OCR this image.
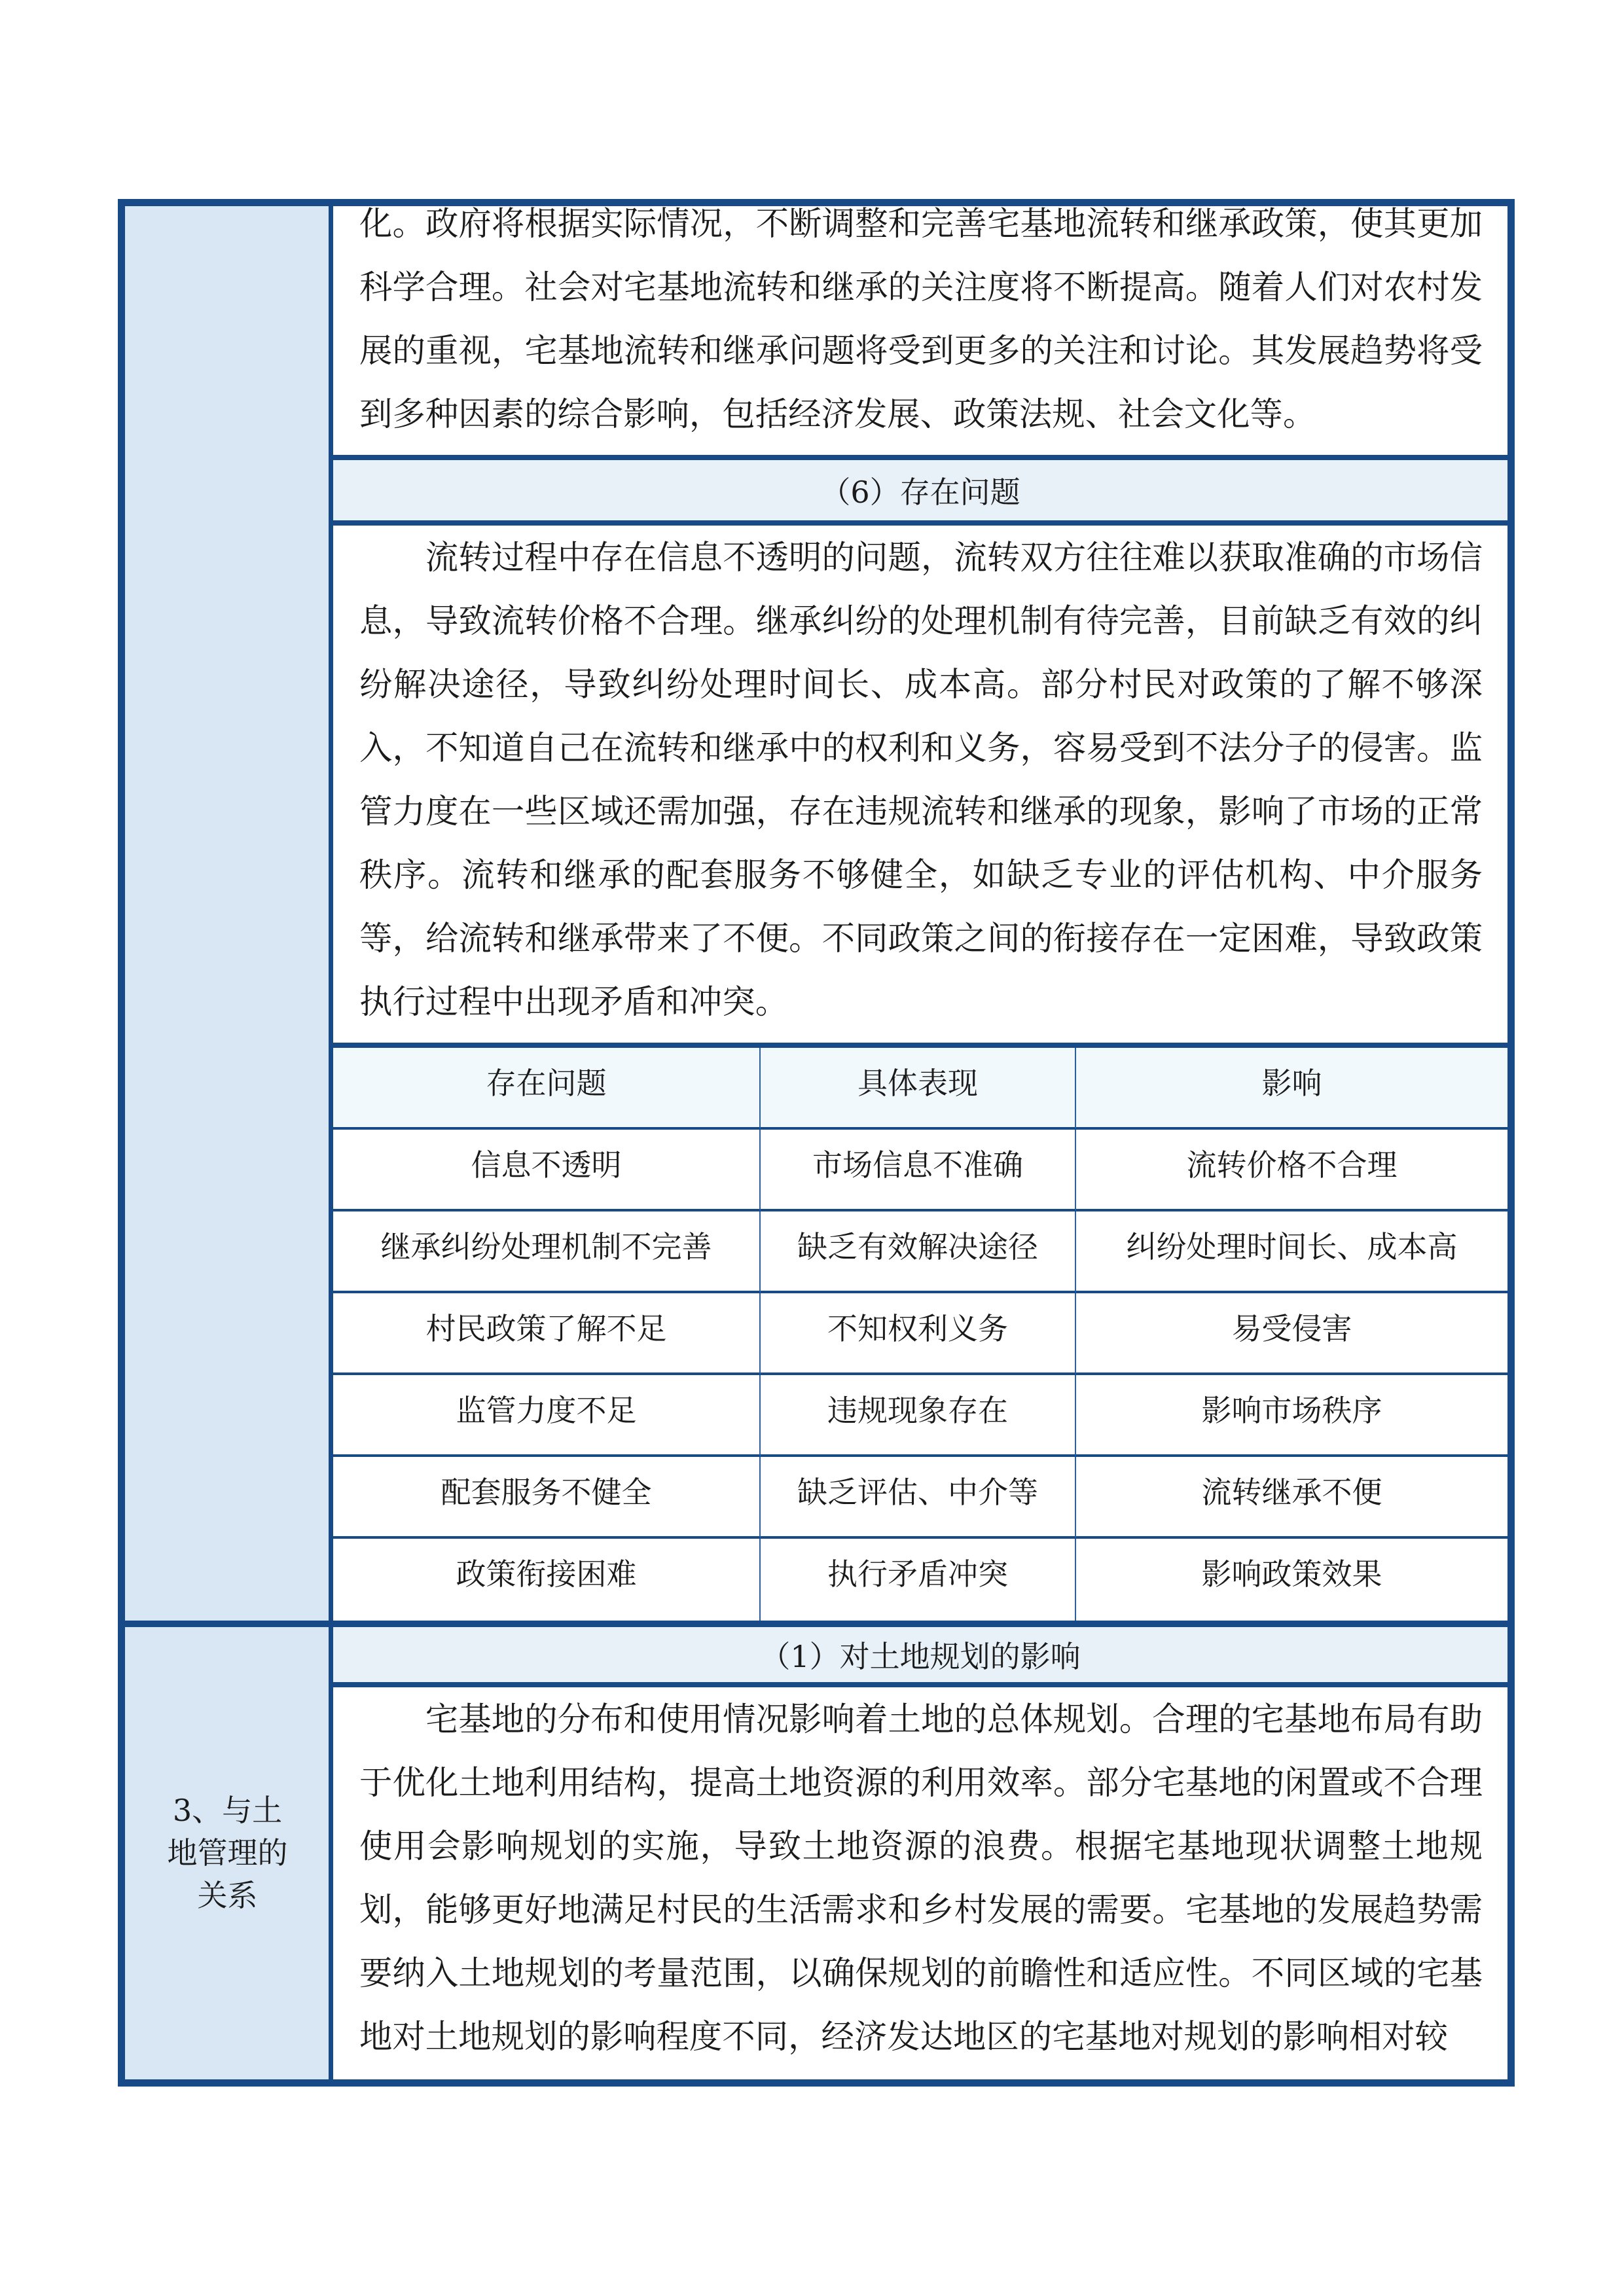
3、与土地管理的关系

化。政府将根据实际情况，不断调整和完善宅基地流转和继承政策，使其更加科学合理。社会对宅基地流转和继承的关注度将不断提高。随着人们对农村发展的重视，宅基地流转和继承问题将受到更多的关注和讨论。其发展趋势将受到多种因素的综合影响，包括经济发展、政策法规、社会文化等。

（6）存在问题

流转过程中存在信息不透明的问题，流转双方往往难以获取准确的市场信息，导致流转价格不合理。继承纠纷的处理机制有待完善，目前缺乏有效的纠纷解决途径，导致纠纷处理时间长、成本高。部分村民对政策的了解不够深入，不知道自己在流转和继承中的权利和义务，容易受到不法分子的侵害。监管力度在一些区域还需加强，存在违规流转和继承的现象，影响了市场的正常秩序。流转和继承的配套服务不够健全，如缺乏专业的评估机构、中介服务等，给流转和继承带来了不便。不同政策之间的衔接存在一定困难，导致政策执行过程中出现矛盾和冲突。

存在问题	具体表现	影响
信息不透明	市场信息不准确	流转价格不合理
继承纠纷处理机制不完善	缺乏有效解决途径	纠纷处理时间长、成本高
村民政策了解不足	不知权利义务	易受侵害
监管力度不足	违规现象存在	影响市场秩序
配套服务不健全	缺乏评估、中介等	流转继承不便
政策衔接困难	执行矛盾冲突	影响政策效果
（1）对土地规划的影响

宅基地的分布和使用情况影响着土地的总体规划。合理的宅基地布局有助于优化土地利用结构，提高土地资源的利用效率。部分宅基地的闲置或不合理使用会影响规划的实施，导致土地资源的浪费。根据宅基地现状调整土地规划，能够更好地满足村民的生活需求和乡村发展的需要。宅基地的发展趋势需要纳入土地规划的考量范围，以确保规划的前瞻性和适应性。不同区域的宅基地对土地规划的影响程度不同，经济发达地区的宅基地对规划的影响相对较
